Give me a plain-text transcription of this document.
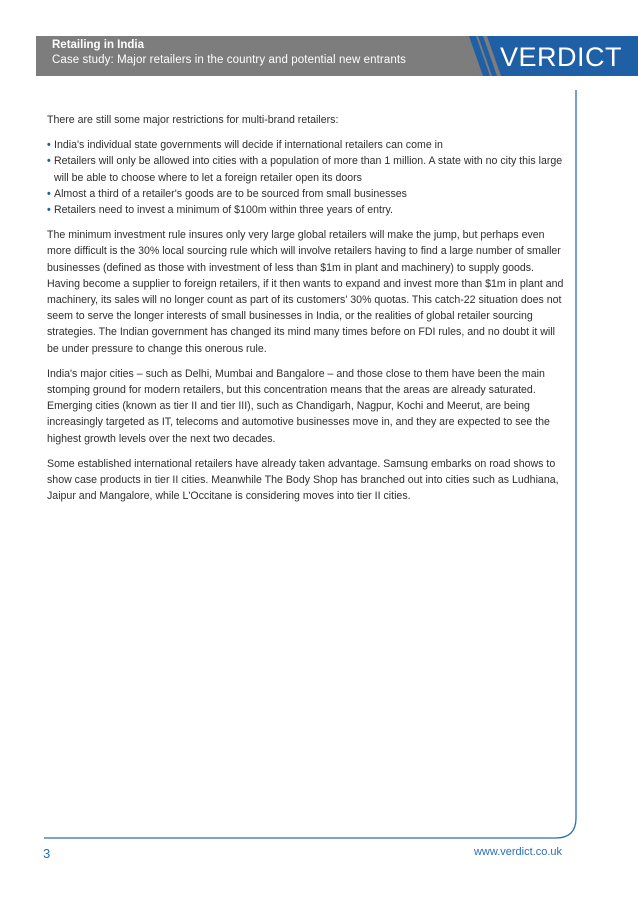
Retailing in India
Case study: Major retailers in the country and potential new entrants	VERDICT

There are still some major restrictions for multi-brand retailers:

• India's individual state governments will decide if international retailers can come in
• Retailers will only be allowed into cities with a population of more than 1 million. A state with no city this large will be able to choose where to let a foreign retailer open its doors
• Almost a third of a retailer's goods are to be sourced from small businesses
• Retailers need to invest a minimum of $100m within three years of entry.

The minimum investment rule insures only very large global retailers will make the jump, but perhaps even more difficult is the 30% local sourcing rule which will involve retailers having to find a large number of smaller businesses (defined as those with investment of less than $1m in plant and machinery) to supply goods. Having become a supplier to foreign retailers, if it then wants to expand and invest more than $1m in plant and machinery, its sales will no longer count as part of its customers' 30% quotas. This catch-22 situation does not seem to serve the longer interests of small businesses in India, or the realities of global retailer sourcing strategies. The Indian government has changed its mind many times before on FDI rules, and no doubt it will be under pressure to change this onerous rule.

India's major cities – such as Delhi, Mumbai and Bangalore – and those close to them have been the main stomping ground for modern retailers, but this concentration means that the areas are already saturated. Emerging cities (known as tier II and tier III), such as Chandigarh, Nagpur, Kochi and Meerut, are being increasingly targeted as IT, telecoms and automotive businesses move in, and they are expected to see the highest growth levels over the next two decades.

Some established international retailers have already taken advantage. Samsung embarks on road shows to show case products in tier II cities. Meanwhile The Body Shop has branched out into cities such as Ludhiana, Jaipur and Mangalore, while L'Occitane is considering moves into tier II cities.

3	www.verdict.co.uk
